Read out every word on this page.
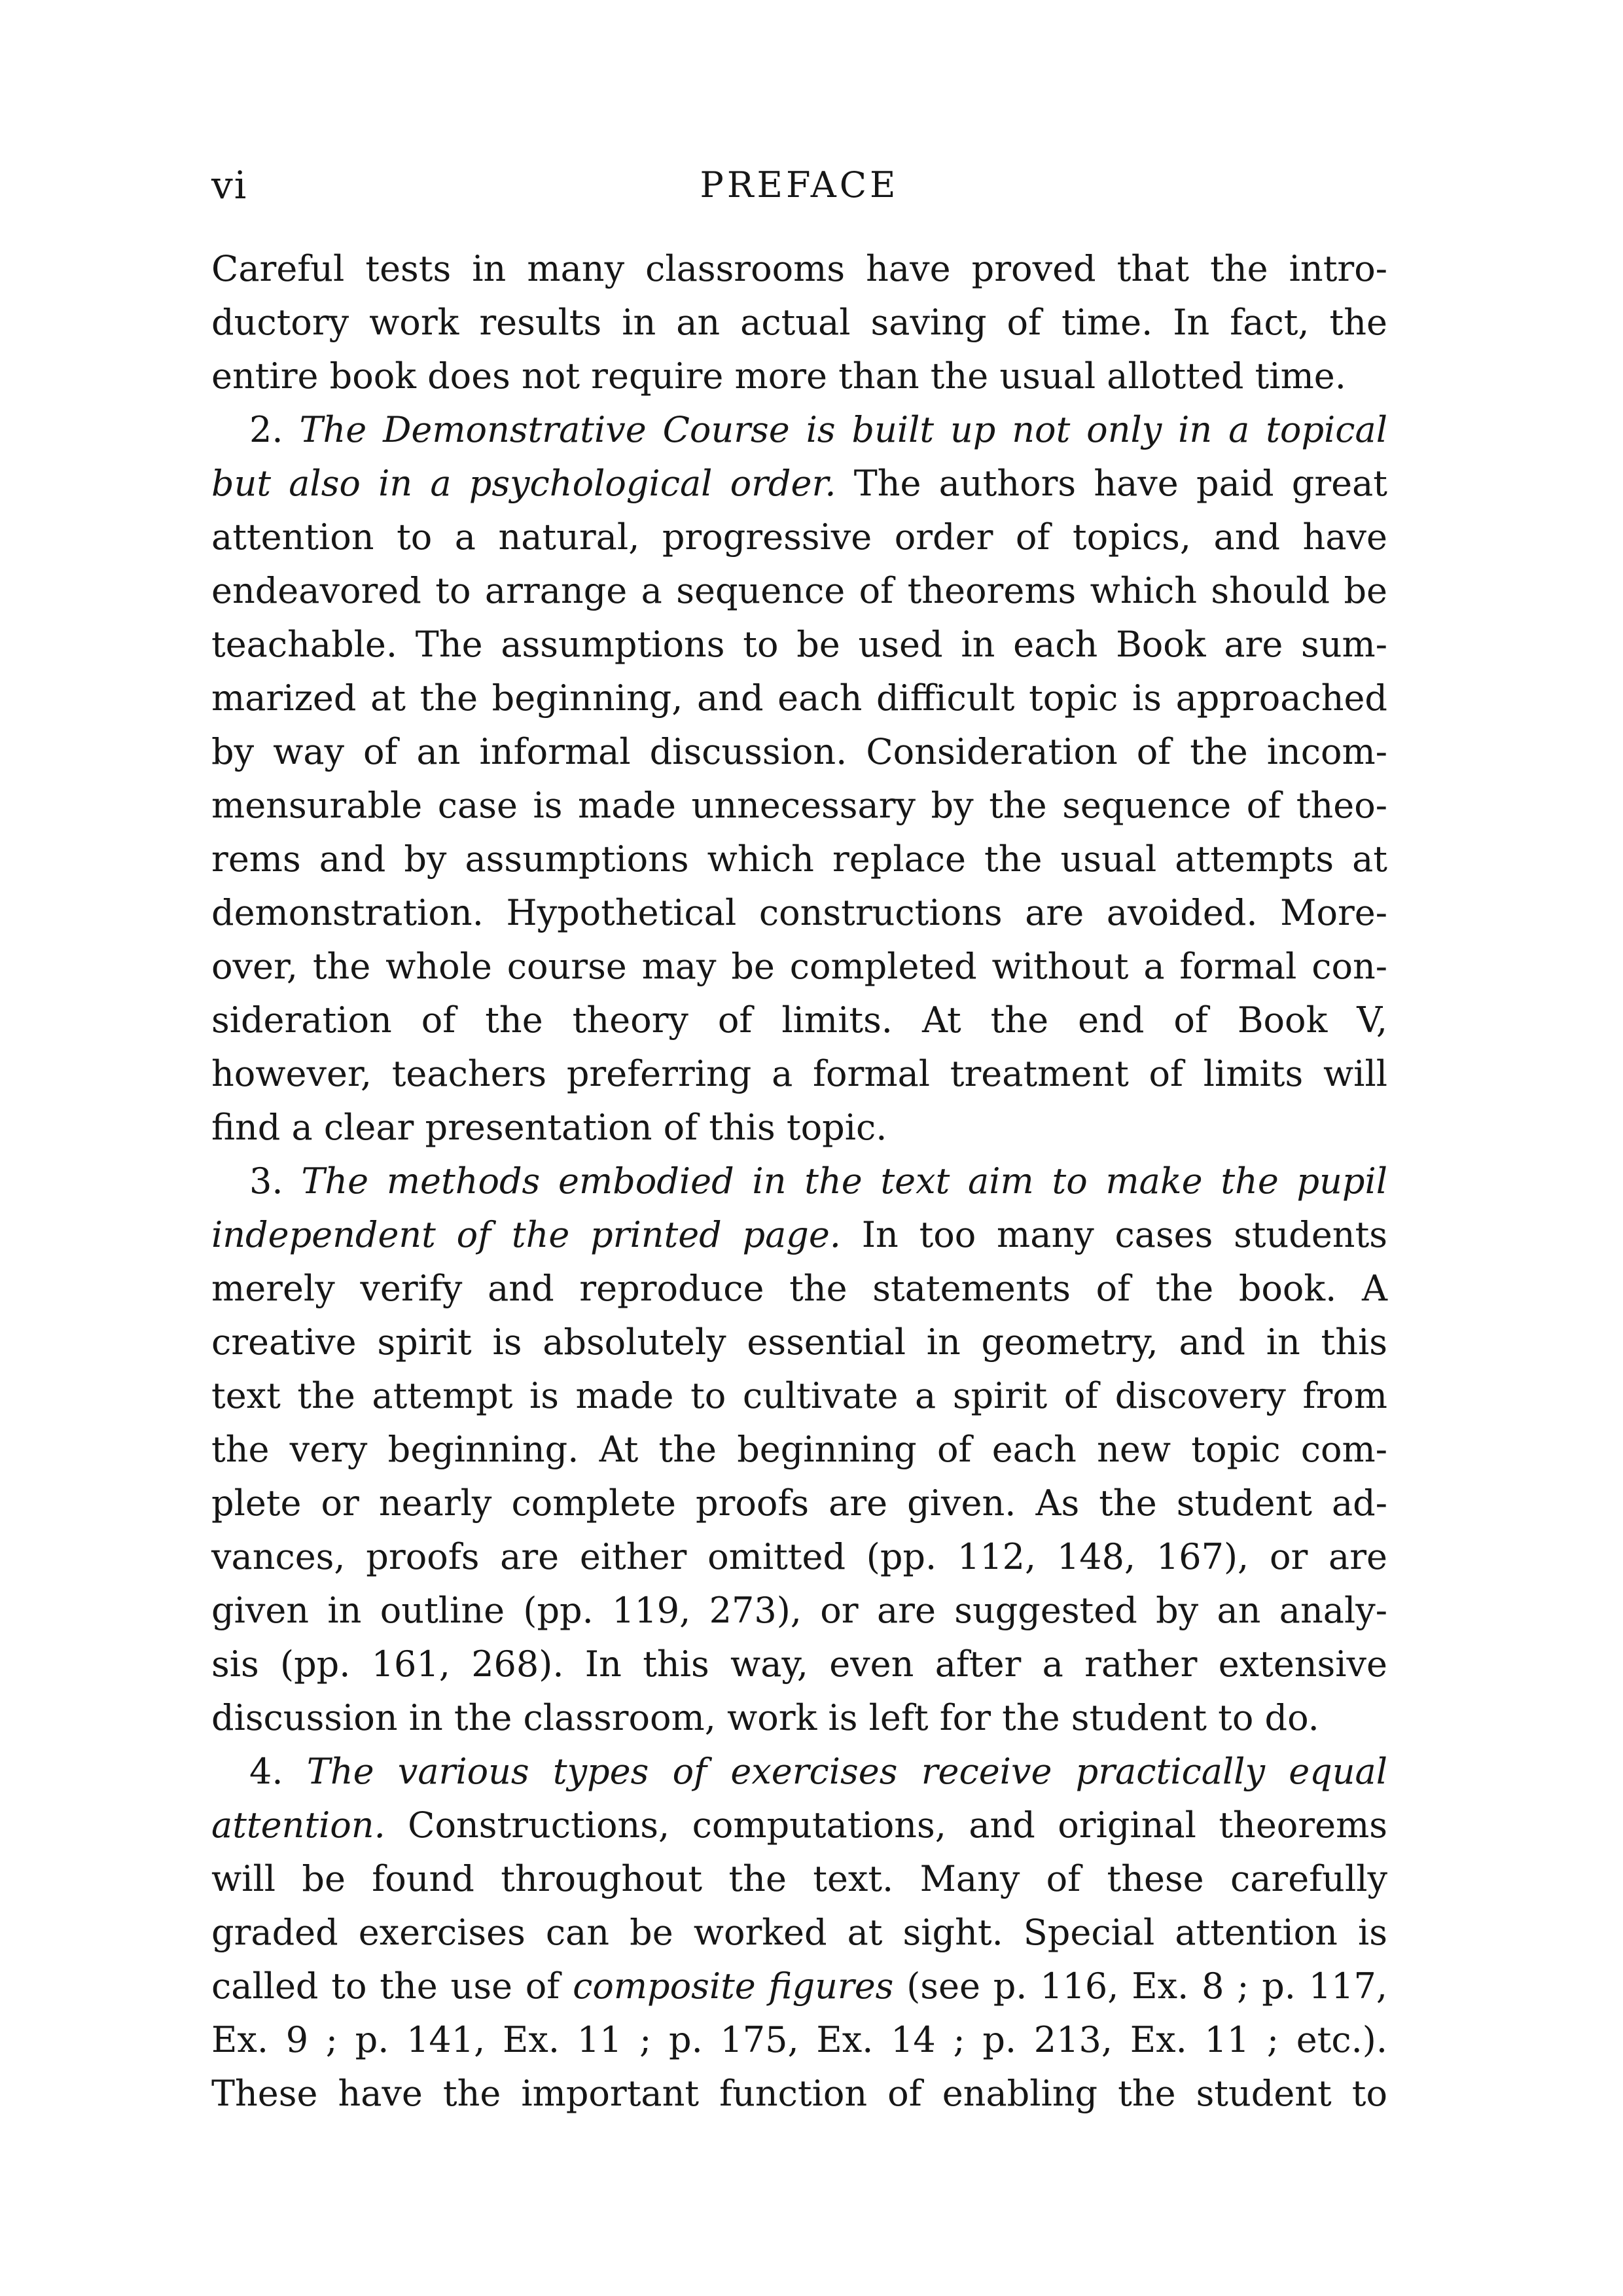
vi	PREFACE
Careful tests in many classrooms have proved that the intro-
ductory work results in an actual saving of time. In fact, the
entire book does not require more than the usual allotted time.
2. The Demonstrative Course is built up not only in a topical
but also in a psychological order. The authors have paid great
attention to a natural, progressive order of topics, and have
endeavored to arrange a sequence of theorems which should be
teachable. The assumptions to be used in each Book are sum-
marized at the beginning, and each difficult topic is approached
by way of an informal discussion. Consideration of the incom-
mensurable case is made unnecessary by the sequence of theo-
rems and by assumptions which replace the usual attempts at
demonstration. Hypothetical constructions are avoided. More-
over, the whole course may be completed without a formal con-
sideration of the theory of limits. At the end of Book V,
however, teachers preferring a formal treatment of limits will
find a clear presentation of this topic.
3. The methods embodied in the text aim to make the pupil
independent of the printed page. In too many cases students
merely verify and reproduce the statements of the book. A
creative spirit is absolutely essential in geometry, and in this
text the attempt is made to cultivate a spirit of discovery from
the very beginning. At the beginning of each new topic com-
plete or nearly complete proofs are given. As the student ad-
vances, proofs are either omitted (pp. 112, 148, 167), or are
given in outline (pp. 119, 273), or are suggested by an analy-
sis (pp. 161, 268). In this way, even after a rather extensive
discussion in the classroom, work is left for the student to do.
4. The various types of exercises receive practically equal
attention. Constructions, computations, and original theorems
will be found throughout the text. Many of these carefully
graded exercises can be worked at sight. Special attention is
called to the use of composite figures (see p. 116, Ex. 8 ; p. 117,
Ex. 9 ; p. 141, Ex. 11 ; p. 175, Ex. 14 ; p. 213, Ex. 11 ; etc.).
These have the important function of enabling the student to
